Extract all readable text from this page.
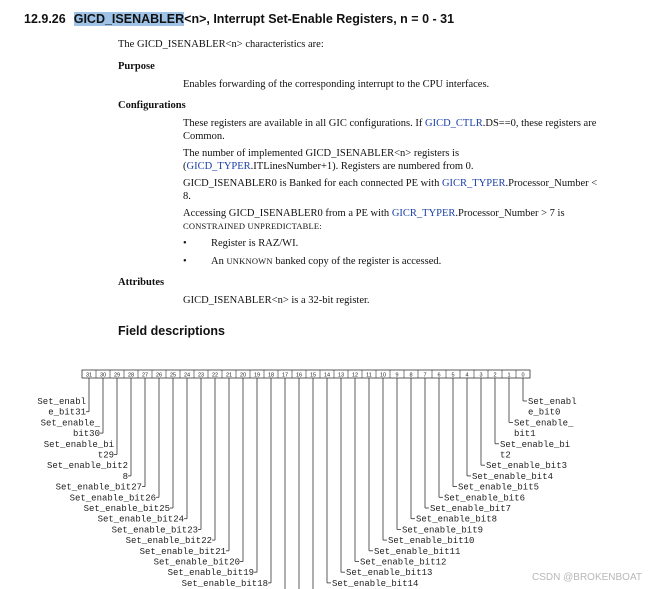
12.9.26 GICD_ISENABLER<n>, Interrupt Set-Enable Registers, n = 0 - 31
The GICD_ISENABLER<n> characteristics are:
Purpose
Enables forwarding of the corresponding interrupt to the CPU interfaces.
Configurations
These registers are available in all GIC configurations. If GICD_CTLR.DS==0, these registers are
Common.
The number of implemented GICD_ISENABLER<n> registers is
(GICD_TYPER.ITLinesNumber+1). Registers are numbered from 0.
GICD_ISENABLER0 is Banked for each connected PE with GICR_TYPER.Processor_Number <
8.
Accessing GICD_ISENABLER0 from a PE with GICR_TYPER.Processor_Number > 7 is
CONSTRAINED UNPREDICTABLE:
• Register is RAZ/WI.
• An UNKNOWN banked copy of the register is accessed.
Attributes
GICD_ISENABLER<n> is a 32-bit register.
Field descriptions
31 30 29 28 27 26 25 24 23 22 21 20 19 18 17 16 15 14 13 12 11 10 9 8 7 6 5 4 3 2 1 0
Set_enabl
e_bit31
Set_enable_
bit30
Set_enable_bi
t29
Set_enable_bit2
8
Set_enable_bit27
Set_enable_bit26
Set_enable_bit25
Set_enable_bit24
Set_enable_bit23
Set_enable_bit22
Set_enable_bit21
Set_enable_bit20
Set_enable_bit19
Set_enable_bit18
Set_enabl
e_bit0
Set_enable_
bit1
Set_enable_bi
t2
Set_enable_bit3
Set_enable_bit4
Set_enable_bit5
Set_enable_bit6
Set_enable_bit7
Set_enable_bit8
Set_enable_bit9
Set_enable_bit10
Set_enable_bit11
Set_enable_bit12
Set_enable_bit13
Set_enable_bit14
CSDN @BROKENBOAT
